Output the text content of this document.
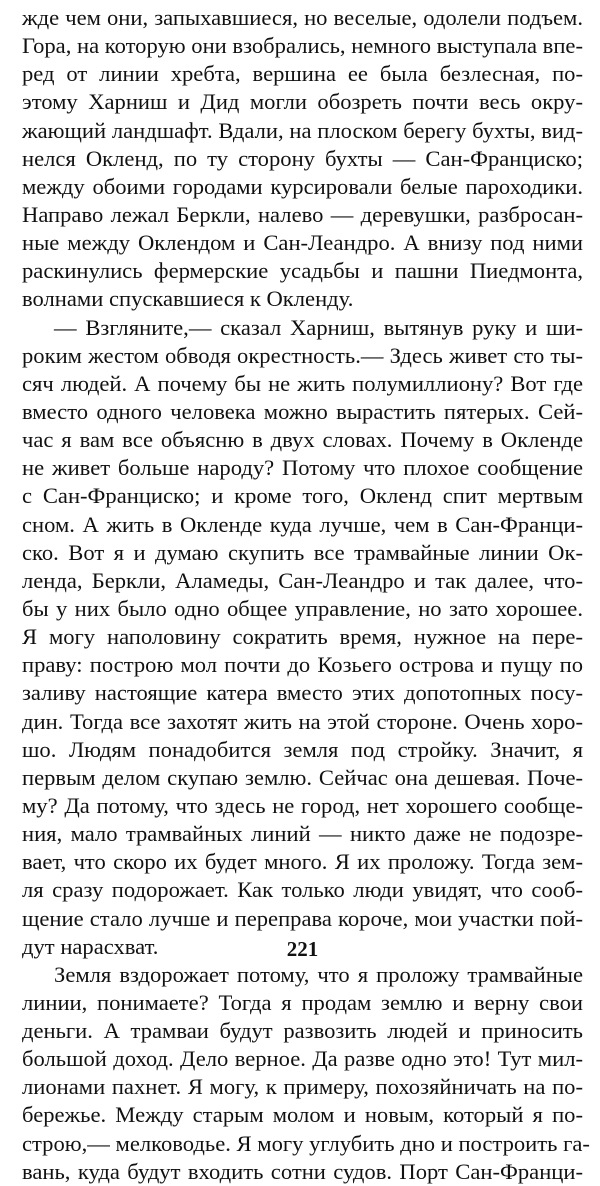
жде чем они, запыхавшиеся, но веселые, одолели подъем.
Гора, на которую они взобрались, немного выступала впе-
ред от линии хребта, вершина ее была безлесная, по-
этому Харниш и Дид могли обозреть почти весь окру-
жающий ландшафт. Вдали, на плоском берегу бухты, вид-
нелся Окленд, по ту сторону бухты — Сан-Франциско;
между обоими городами курсировали белые пароходики.
Направо лежал Беркли, налево — деревушки, разбросан-
ные между Оклендом и Сан-Леандро. А внизу под ними
раскинулись фермерские усадьбы и пашни Пиедмонта,
волнами спускавшиеся к Окленду.
— Взгляните,— сказал Харниш, вытянув руку и ши-
роким жестом обводя окрестность.— Здесь живет сто ты-
сяч людей. А почему бы не жить полумиллиону? Вот где
вместо одного человека можно вырастить пятерых. Сей-
час я вам все объясню в двух словах. Почему в Окленде
не живет больше народу? Потому что плохое сообщение
с Сан-Франциско; и кроме того, Окленд спит мертвым
сном. А жить в Окленде куда лучше, чем в Сан-Франци-
ско. Вот я и думаю скупить все трамвайные линии Ок-
ленда, Беркли, Аламеды, Сан-Леандро и так далее, что-
бы у них было одно общее управление, но зато хорошее.
Я могу наполовину сократить время, нужное на пере-
праву: построю мол почти до Козьего острова и пущу по
заливу настоящие катера вместо этих допотопных посу-
дин. Тогда все захотят жить на этой стороне. Очень хоро-
шо. Людям понадобится земля под стройку. Значит, я
первым делом скупаю землю. Сейчас она дешевая. Поче-
му? Да потому, что здесь не город, нет хорошего сообще-
ния, мало трамвайных линий — никто даже не подозре-
вает, что скоро их будет много. Я их проложу. Тогда зем-
ля сразу подорожает. Как только люди увидят, что сооб-
щение стало лучше и переправа короче, мои участки пой-
дут нарасхват.
Земля вздорожает потому, что я проложу трамвайные
линии, понимаете? Тогда я продам землю и верну свои
деньги. А трамваи будут развозить людей и приносить
большой доход. Дело верное. Да разве одно это! Тут мил-
лионами пахнет. Я могу, к примеру, похозяйничать на по-
бережье. Между старым молом и новым, который я по-
строю,— мелководье. Я могу углубить дно и построить га-
вань, куда будут входить сотни судов. Порт Сан-Франци-
221
